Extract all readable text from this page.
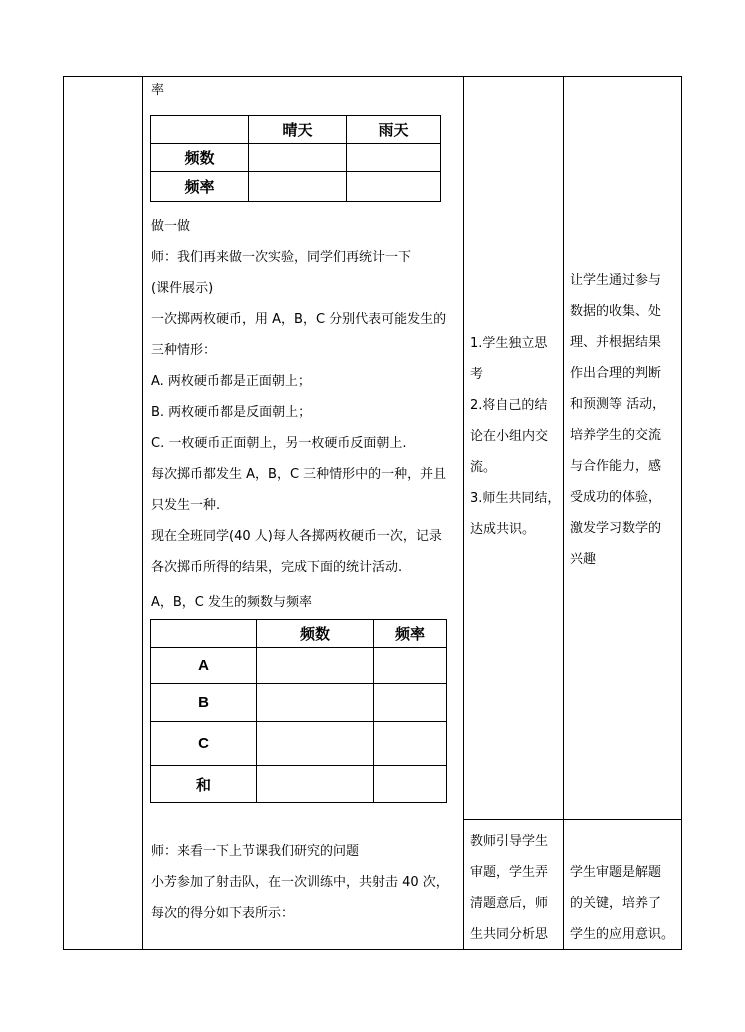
率
	晴天	雨天
频数		
频率		
做一做
师：我们再来做一次实验，同学们再统计一下
(课件展示)
一次掷两枚硬币，用 A，B，C 分别代表可能发生的
三种情形：
A. 两枚硬币都是正面朝上；
B. 两枚硬币都是反面朝上；
C. 一枚硬币正面朝上，另一枚硬币反面朝上.
每次掷币都发生 A，B，C 三种情形中的一种，并且
只发生一种.
现在全班同学(40 人)每人各掷两枚硬币一次，记录
各次掷币所得的结果，完成下面的统计活动.
A，B，C 发生的频数与频率
	频数	频率
A		
B		
C		
和		
师：来看一下上节课我们研究的问题
小芳参加了射击队，在一次训练中，共射击 40 次，
每次的得分如下表所示：
1.学生独立思
考
2.将自己的结
论在小组内交
流。
3.师生共同结，
达成共识。
教师引导学生
审题，学生弄
清题意后，师
生共同分析思
让学生通过参与
数据的收集、处
理、并根据结果
作出合理的判断
和预测等 活动，
培养学生的交流
与合作能力，感
受成功的体验，
激发学习数学的
兴趣
学生审题是解题
的关键，培养了
学生的应用意识。
